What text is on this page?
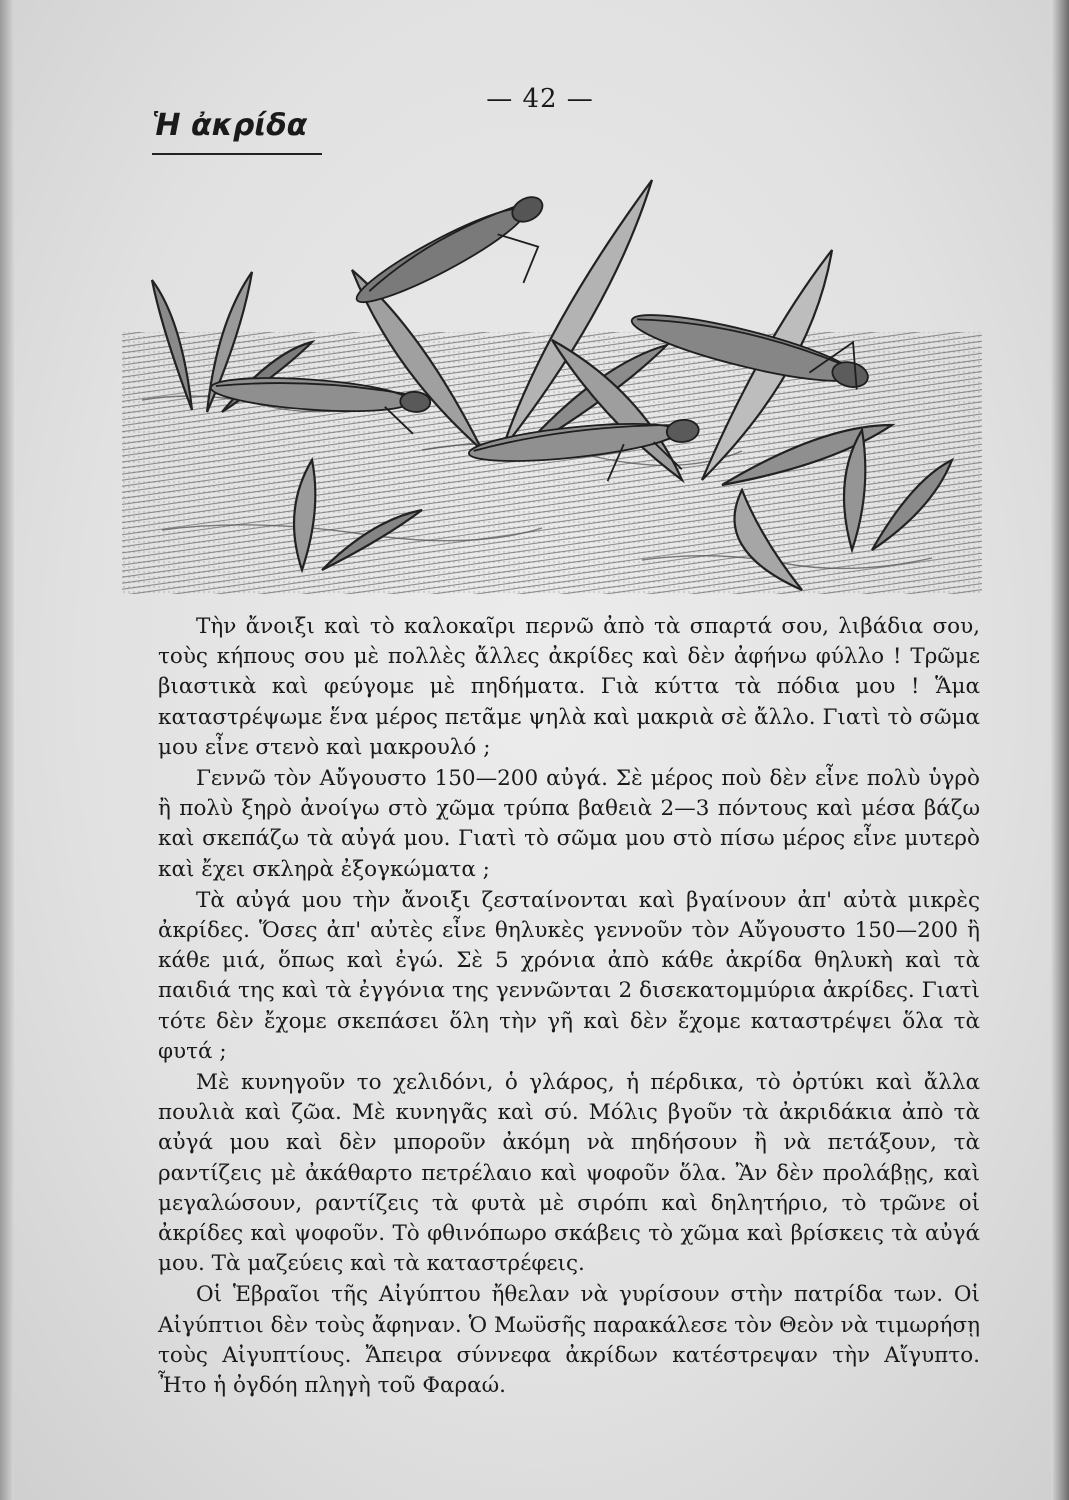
— 42 —
Ἡ ἀκρίδα

Τὴν ἄνοιξι καὶ τὸ καλοκαῖρι περνῶ ἀπὸ τὰ σπαρτά σου, λιβάδια σου, τοὺς κήπους σου μὲ πολλὲς ἄλλες ἀκρίδες καὶ δὲν ἀφήνω φύλλο ! Τρῶμε βιαστικὰ καὶ φεύγομε μὲ πηδήματα. Γιὰ κύττα τὰ πόδια μου ! Ἅμα καταστρέψωμε ἕνα μέρος πετᾶμε ψηλὰ καὶ μακριὰ σὲ ἄλλο. Γιατὶ τὸ σῶμα μου εἶνε στενὸ καὶ μακρουλό ;

Γεννῶ τὸν Αὔγουστο 150—200 αὐγά. Σὲ μέρος ποὺ δὲν εἶνε πολὺ ὑγρὸ ἢ πολὺ ξηρὸ ἀνοίγω στὸ χῶμα τρύπα βαθειὰ 2—3 πόντους καὶ μέσα βάζω καὶ σκεπάζω τὰ αὐγά μου. Γιατὶ τὸ σῶμα μου στὸ πίσω μέρος εἶνε μυτερὸ καὶ ἔχει σκληρὰ ἐξογκώματα ;

Τὰ αὐγά μου τὴν ἄνοιξι ζεσταίνονται καὶ βγαίνουν ἀπ' αὐτὰ μικρὲς ἀκρίδες. Ὅσες ἀπ' αὐτὲς εἶνε θηλυκὲς γεννοῦν τὸν Αὔγουστο 150—200 ἢ κάθε μιά, ὅπως καὶ ἐγώ. Σὲ 5 χρόνια ἀπὸ κάθε ἀκρίδα θηλυκὴ καὶ τὰ παιδιά της καὶ τὰ ἐγγόνια της γεννῶνται 2 δισεκατομμύρια ἀκρίδες. Γιατὶ τότε δὲν ἔχομε σκεπάσει ὅλη τὴν γῆ καὶ δὲν ἔχομε καταστρέψει ὅλα τὰ φυτά ;

Μὲ κυνηγοῦν το χελιδόνι, ὁ γλάρος, ἡ πέρδικα, τὸ ὀρτύκι καὶ ἄλλα πουλιὰ καὶ ζῶα. Μὲ κυνηγᾶς καὶ σύ. Μόλις βγοῦν τὰ ἀκριδάκια ἀπὸ τὰ αὐγά μου καὶ δὲν μποροῦν ἀκόμη νὰ πηδήσουν ἢ νὰ πετάξουν, τὰ ραντίζεις μὲ ἀκάθαρτο πετρέλαιο καὶ ψοφοῦν ὅλα. Ἂν δὲν προλάβῃς, καὶ μεγαλώσουν, ραντίζεις τὰ φυτὰ μὲ σιρόπι καὶ δηλητήριο, τὸ τρῶνε οἱ ἀκρίδες καὶ ψοφοῦν. Τὸ φθινόπωρο σκάβεις τὸ χῶμα καὶ βρίσκεις τὰ αὐγά μου. Τὰ μαζεύεις καὶ τὰ καταστρέφεις.

Οἱ Ἑβραῖοι τῆς Αἰγύπτου ἤθελαν νὰ γυρίσουν στὴν πατρίδα των. Οἱ Αἰγύπτιοι δὲν τοὺς ἄφηναν. Ὁ Μωϋσῆς παρακάλεσε τὸν Θεὸν νὰ τιμωρήσῃ τοὺς Αἰγυπτίους. Ἄπειρα σύννεφα ἀκρίδων κατέστρεψαν τὴν Αἴγυπτο. Ἦτο ἡ ὀγδόη πληγὴ τοῦ Φαραώ.
